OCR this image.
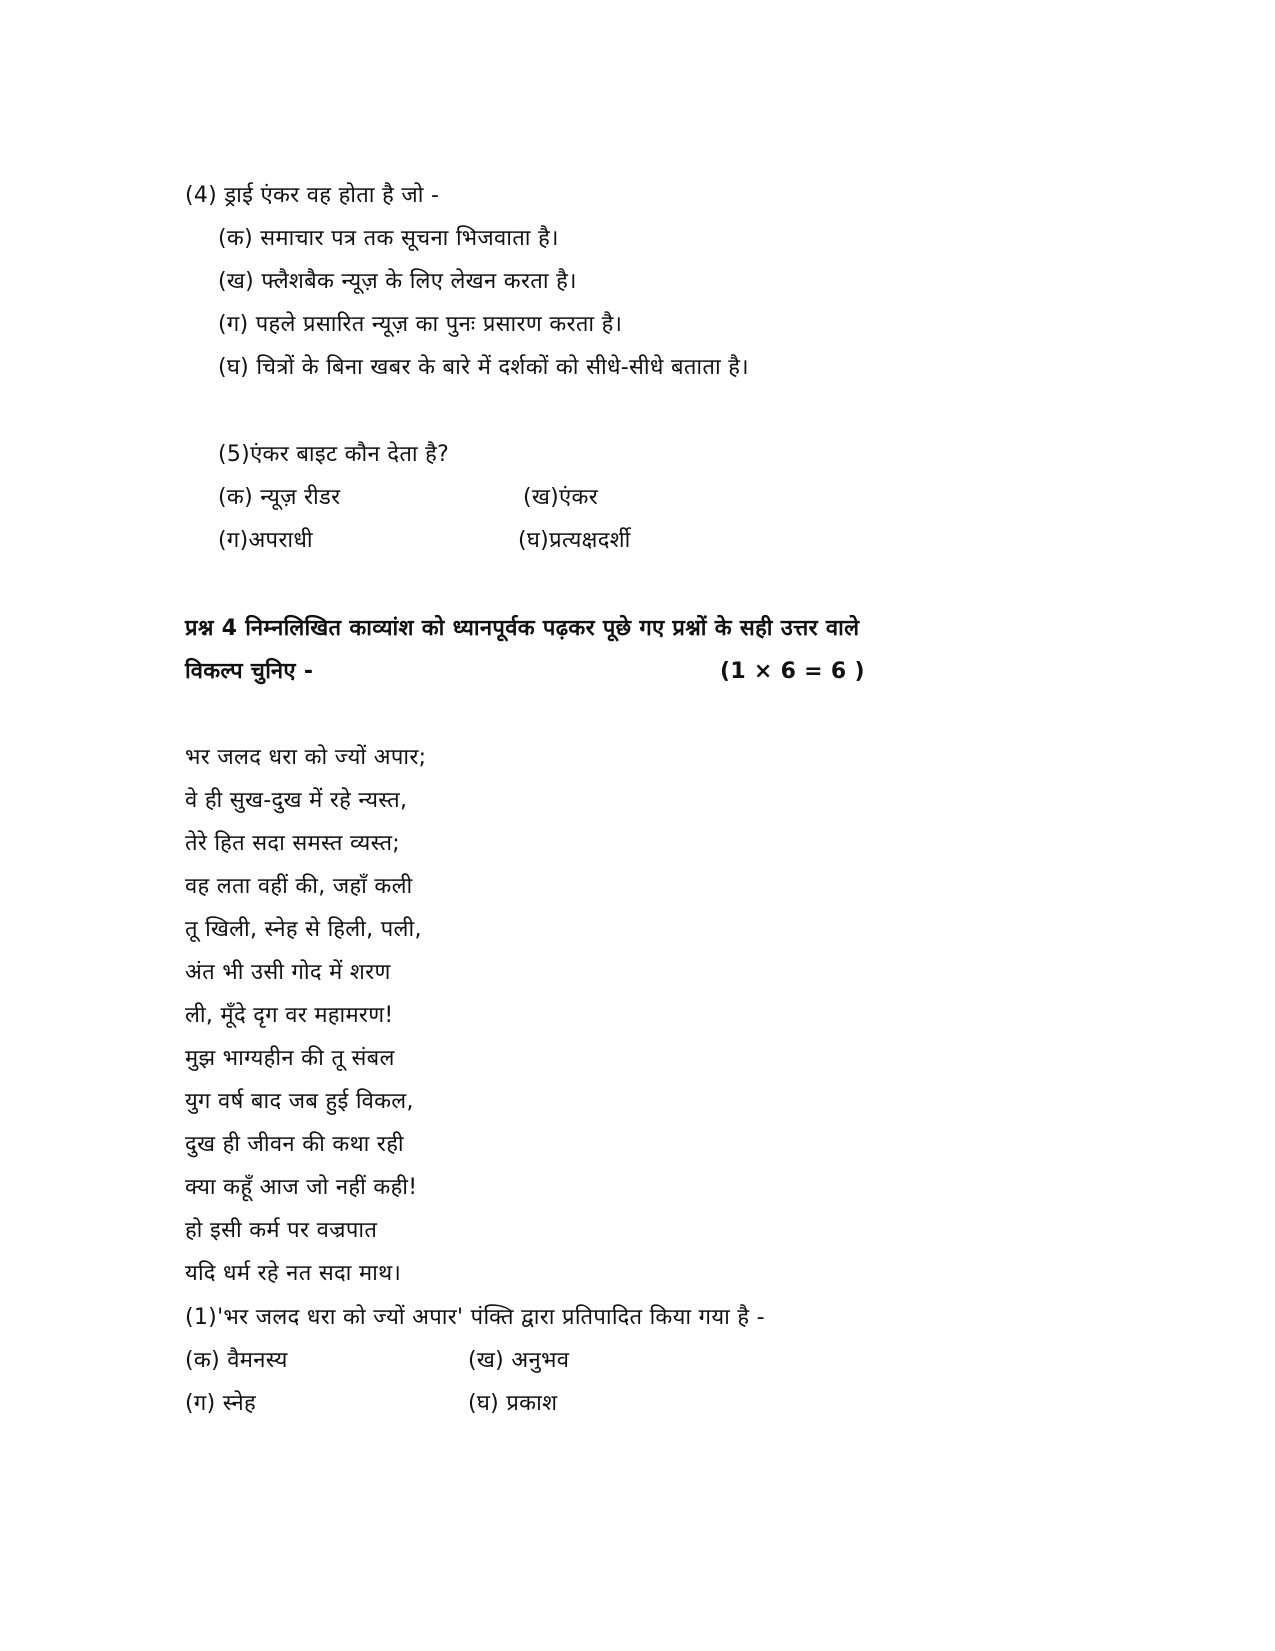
(4) ड्राई एंकर वह होता है जो -
(क) समाचार पत्र तक सूचना भिजवाता है।
(ख) फ्लैशबैक न्यूज़ के लिए लेखन करता है।
(ग) पहले प्रसारित न्यूज़ का पुनः प्रसारण करता है।
(घ) चित्रों के बिना खबर के बारे में दर्शकों को सीधे-सीधे बताता है।
(5)एंकर बाइट कौन देता है?
(क) न्यूज़ रीडर	(ख)एंकर
(ग)अपराधी	(घ)प्रत्यक्षदर्शी
प्रश्न 4 निम्नलिखित काव्यांश को ध्यानपूर्वक पढ़कर पूछे गए प्रश्नों के सही उत्तर वाले
विकल्प चुनिए -	(1 × 6 = 6 )
भर जलद धरा को ज्यों अपार;
वे ही सुख-दुख में रहे न्यस्त,
तेरे हित सदा समस्त व्यस्त;
वह लता वहीं की, जहाँ कली
तू खिली, स्नेह से हिली, पली,
अंत भी उसी गोद में शरण
ली, मूँदे दृग वर महामरण!
मुझ भाग्यहीन की तू संबल
युग वर्ष बाद जब हुई विकल,
दुख ही जीवन की कथा रही
क्या कहूँ आज जो नहीं कही!
हो इसी कर्म पर वज्रपात
यदि धर्म रहे नत सदा माथ।
(1)'भर जलद धरा को ज्यों अपार' पंक्ति द्वारा प्रतिपादित किया गया है -
(क) वैमनस्य	(ख) अनुभव
(ग) स्नेह	(घ) प्रकाश
